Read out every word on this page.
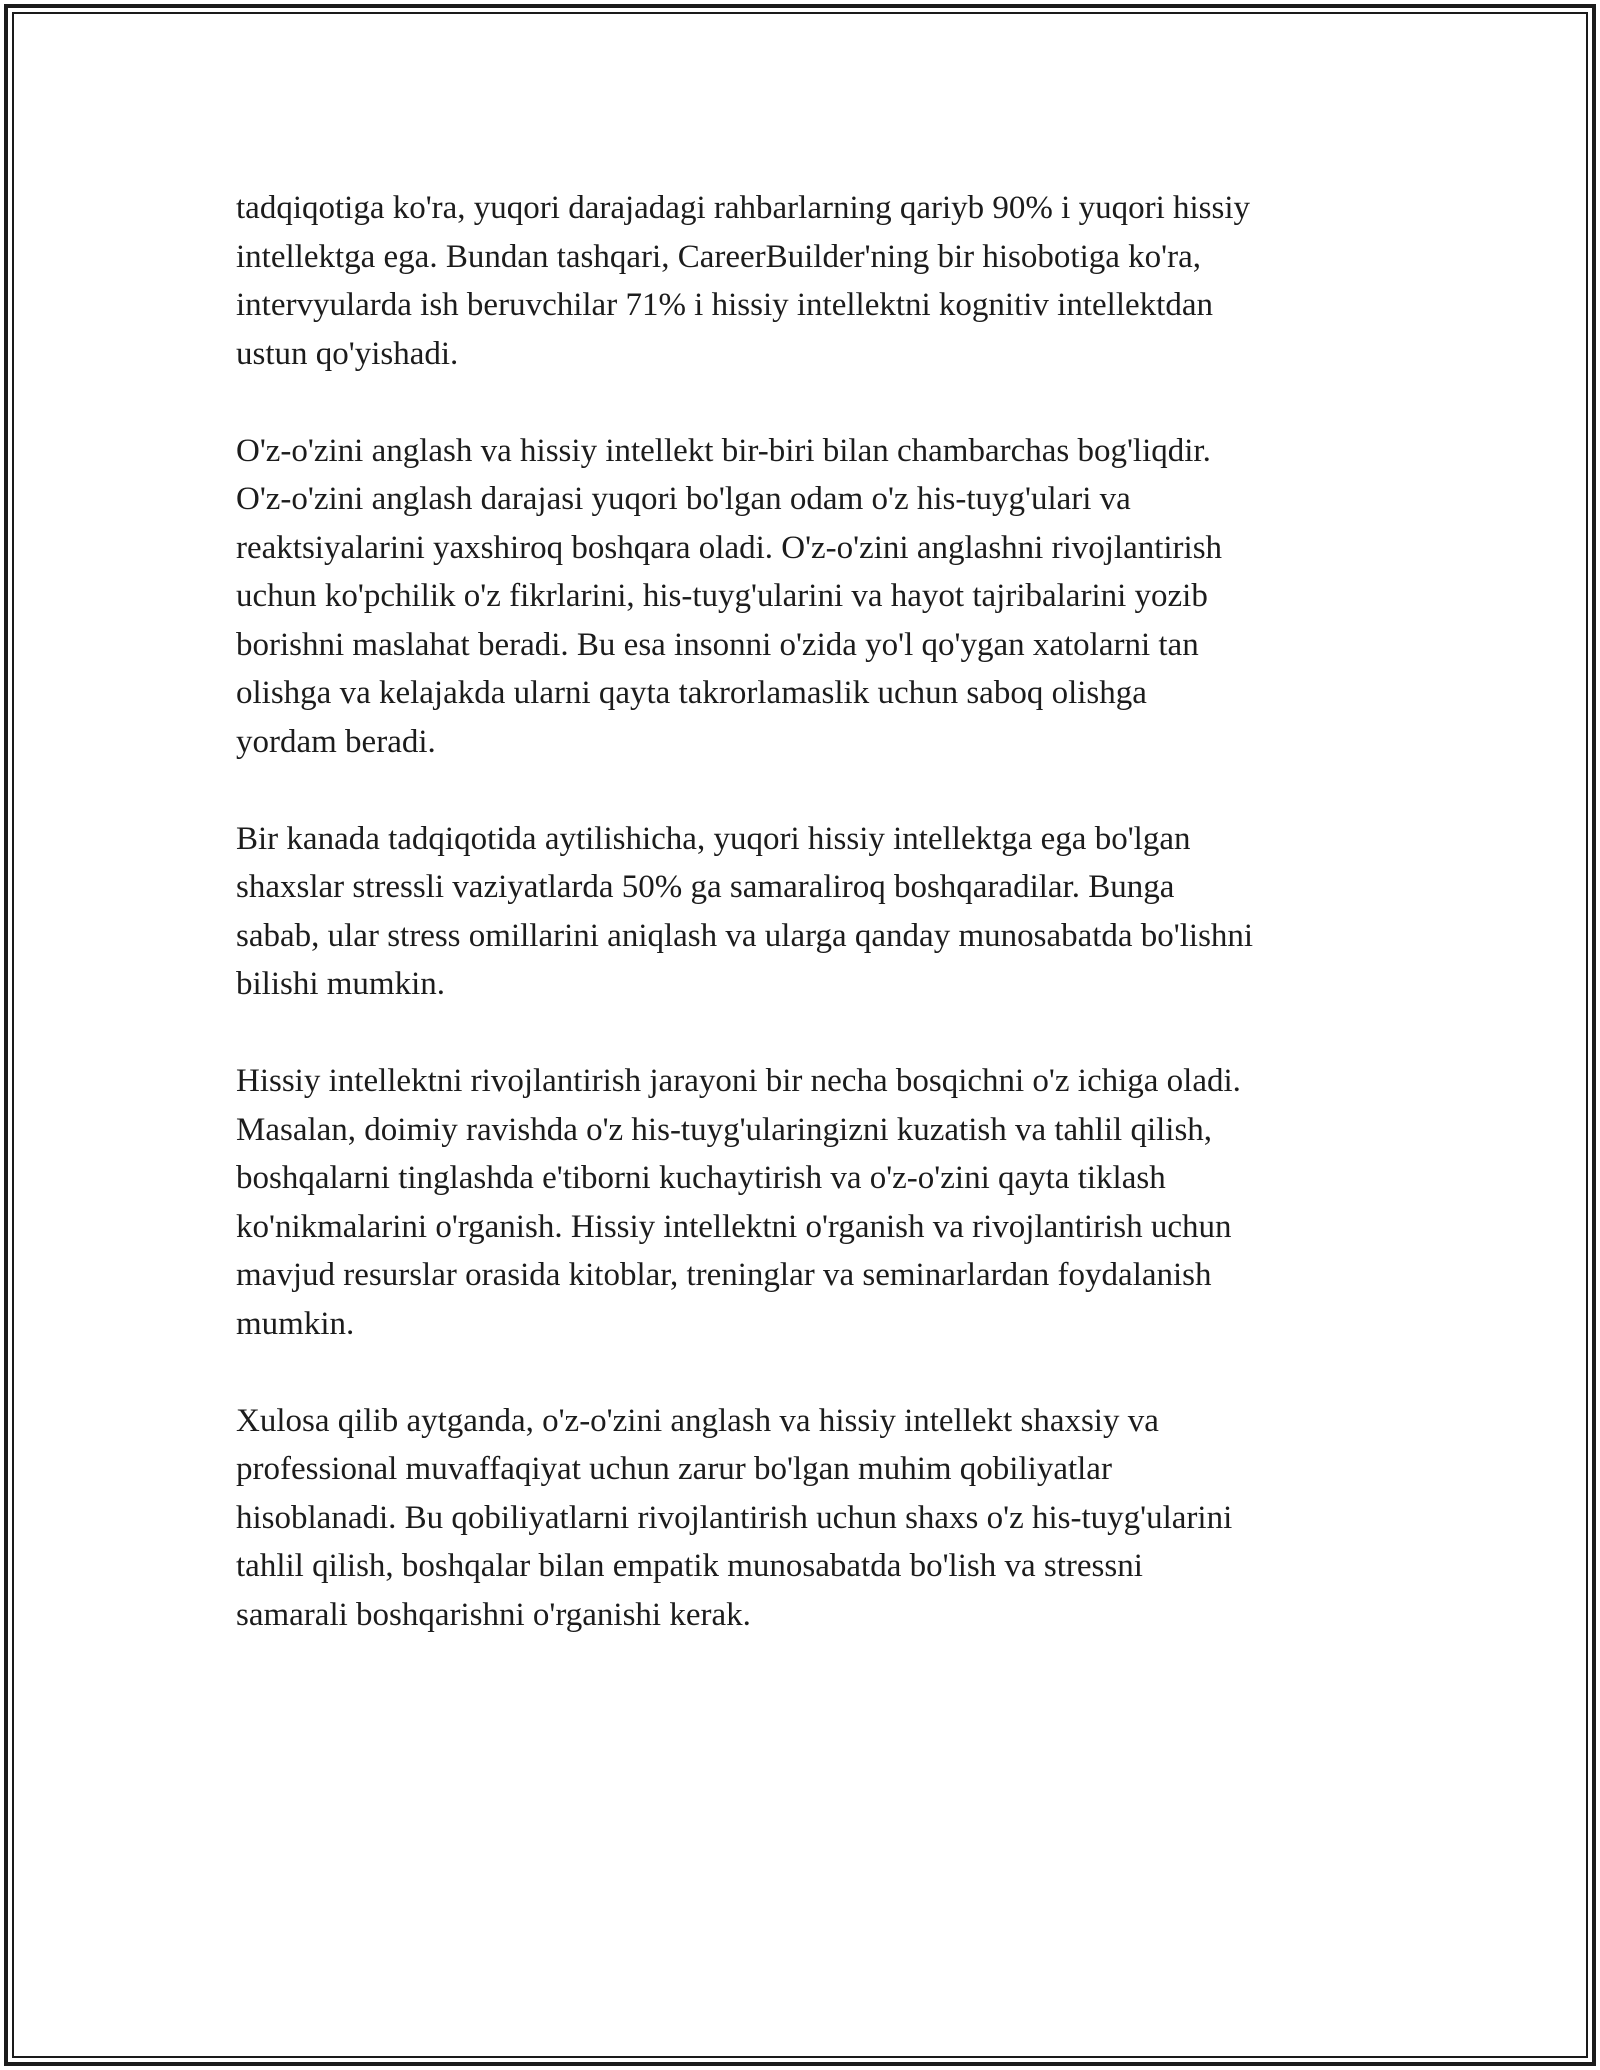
tadqiqotiga ko'ra, yuqori darajadagi rahbarlarning qariyb 90% i yuqori hissiy
intellektga ega. Bundan tashqari, CareerBuilder'ning bir hisobotiga ko'ra,
intervyularda ish beruvchilar 71% i hissiy intellektni kognitiv intellektdan
ustun qo'yishadi.

O'z-o'zini anglash va hissiy intellekt bir-biri bilan chambarchas bog'liqdir.
O'z-o'zini anglash darajasi yuqori bo'lgan odam o'z his-tuyg'ulari va
reaktsiyalarini yaxshiroq boshqara oladi. O'z-o'zini anglashni rivojlantirish
uchun ko'pchilik o'z fikrlarini, his-tuyg'ularini va hayot tajribalarini yozib
borishni maslahat beradi. Bu esa insonni o'zida yo'l qo'ygan xatolarni tan
olishga va kelajakda ularni qayta takrorlamaslik uchun saboq olishga
yordam beradi.

Bir kanada tadqiqotida aytilishicha, yuqori hissiy intellektga ega bo'lgan
shaxslar stressli vaziyatlarda 50% ga samaraliroq boshqaradilar. Bunga
sabab, ular stress omillarini aniqlash va ularga qanday munosabatda bo'lishni
bilishi mumkin.

Hissiy intellektni rivojlantirish jarayoni bir necha bosqichni o'z ichiga oladi.
Masalan, doimiy ravishda o'z his-tuyg'ularingizni kuzatish va tahlil qilish,
boshqalarni tinglashda e'tiborni kuchaytirish va o'z-o'zini qayta tiklash
ko'nikmalarini o'rganish. Hissiy intellektni o'rganish va rivojlantirish uchun
mavjud resurslar orasida kitoblar, treninglar va seminarlardan foydalanish
mumkin.

Xulosa qilib aytganda, o'z-o'zini anglash va hissiy intellekt shaxsiy va
professional muvaffaqiyat uchun zarur bo'lgan muhim qobiliyatlar
hisoblanadi. Bu qobiliyatlarni rivojlantirish uchun shaxs o'z his-tuyg'ularini
tahlil qilish, boshqalar bilan empatik munosabatda bo'lish va stressni
samarali boshqarishni o'rganishi kerak.
